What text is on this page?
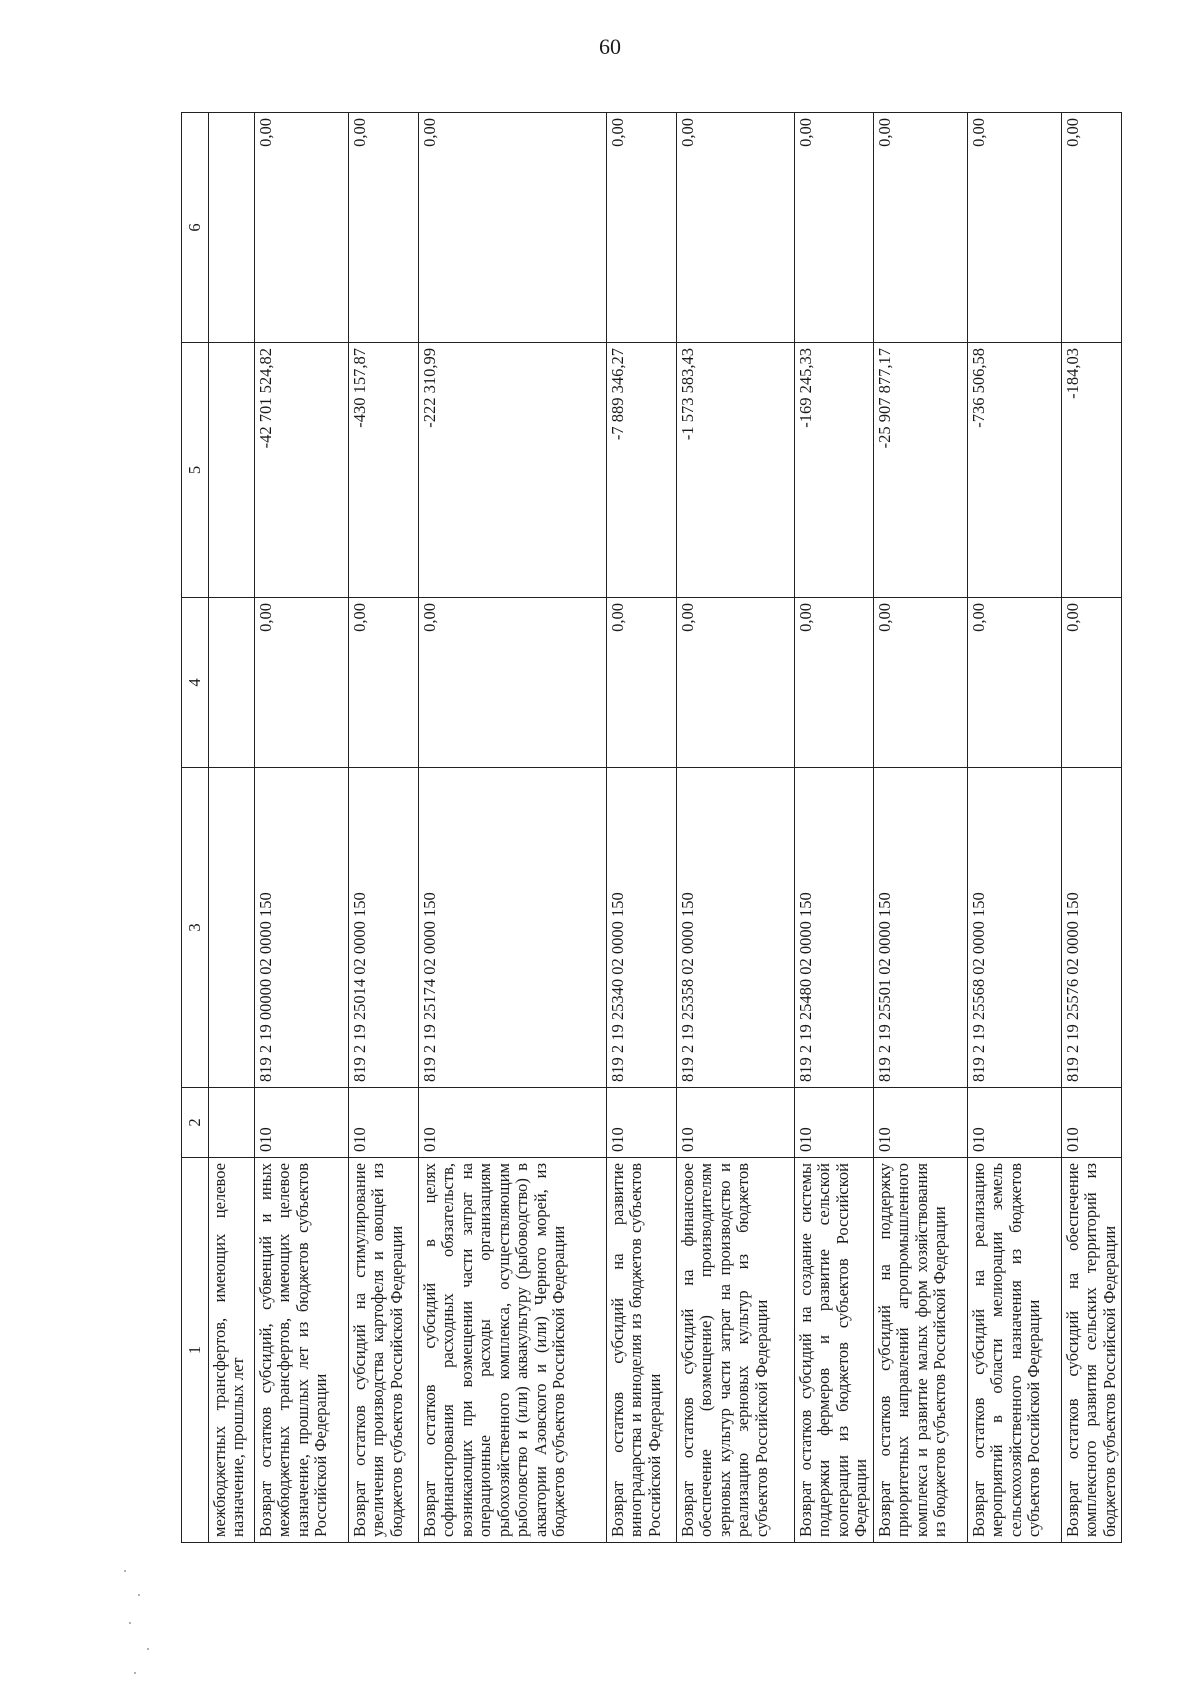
60
1	2	3	4	5	6
межбюджетных трансфертов, имеющих целевое назначение, прошлых лет					
Возврат остатков субсидий, субвенций и иных межбюджетных трансфертов, имеющих целевое назначение, прошлых лет из бюджетов субъектов Российской Федерации	010	819 2 19 00000 02 0000 150	0,00	-42 701 524,82	0,00
Возврат остатков субсидий на стимулирование увеличения производства картофеля и овощей из бюджетов субъектов Российской Федерации	010	819 2 19 25014 02 0000 150	0,00	-430 157,87	0,00
Возврат остатков субсидий в целях софинансирования расходных обязательств, возникающих при возмещении части затрат на операционные расходы организациям рыбохозяйственного комплекса, осуществляющим рыболовство и (или) аквакультуру (рыбоводство) в акватории Азовского и (или) Черного морей, из бюджетов субъектов Российской Федерации	010	819 2 19 25174 02 0000 150	0,00	-222 310,99	0,00
Возврат остатков субсидий на развитие виноградарства и виноделия из бюджетов субъектов Российской Федерации	010	819 2 19 25340 02 0000 150	0,00	-7 889 346,27	0,00
Возврат остатков субсидий на финансовое обеспечение (возмещение) производителям зерновых культур части затрат на производство и реализацию зерновых культур из бюджетов субъектов Российской Федерации	010	819 2 19 25358 02 0000 150	0,00	-1 573 583,43	0,00
Возврат остатков субсидий на создание системы поддержки фермеров и развитие сельской кооперации из бюджетов субъектов Российской Федерации	010	819 2 19 25480 02 0000 150	0,00	-169 245,33	0,00
Возврат остатков субсидий на поддержку приоритетных направлений агропромышленного комплекса и развитие малых форм хозяйствования из бюджетов субъектов Российской Федерации	010	819 2 19 25501 02 0000 150	0,00	-25 907 877,17	0,00
Возврат остатков субсидий на реализацию мероприятий в области мелиорации земель сельскохозяйственного назначения из бюджетов субъектов Российской Федерации	010	819 2 19 25568 02 0000 150	0,00	-736 506,58	0,00
Возврат остатков субсидий на обеспечение комплексного развития сельских территорий из бюджетов субъектов Российской Федерации	010	819 2 19 25576 02 0000 150	0,00	-184,03	0,00
